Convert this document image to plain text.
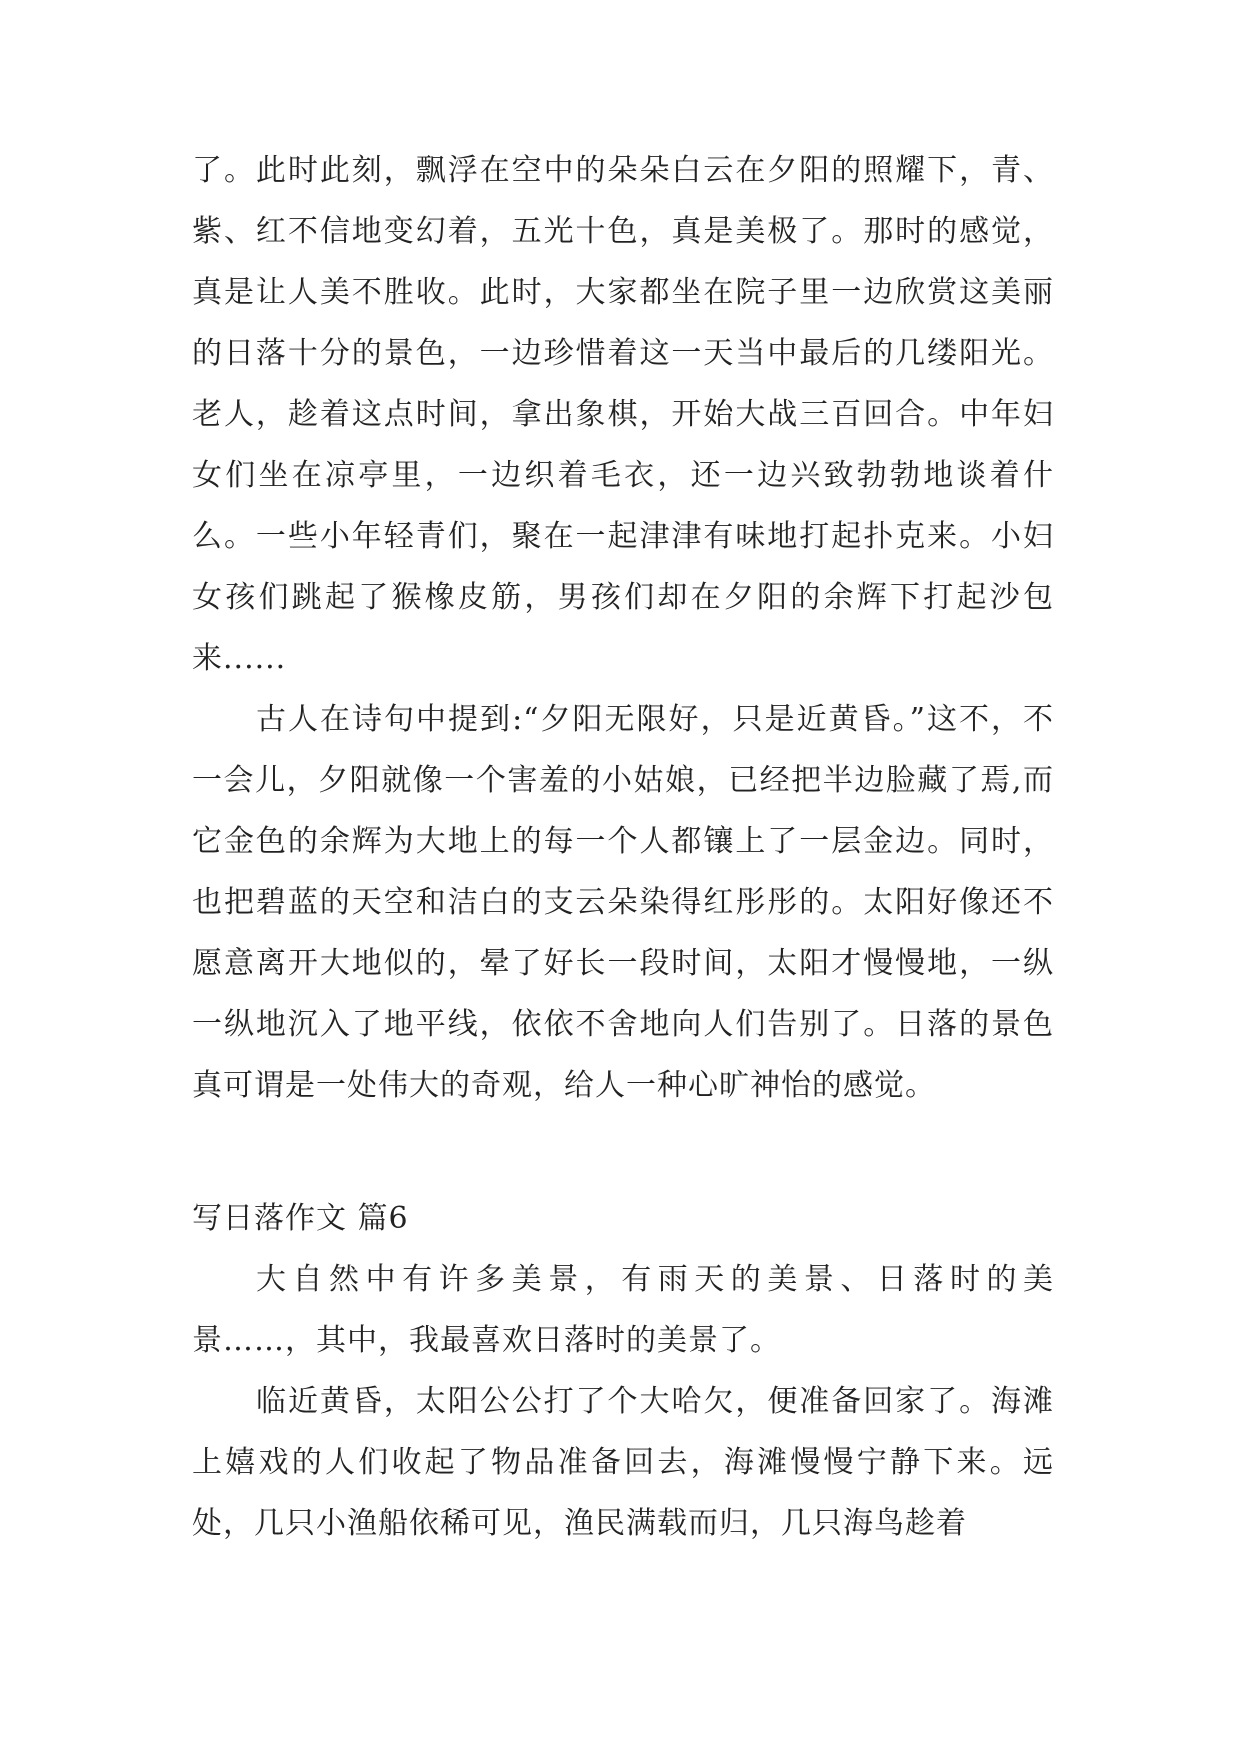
了。此时此刻，飘浮在空中的朵朵白云在夕阳的照耀下，青、紫、红不信地变幻着，五光十色，真是美极了。那时的感觉，真是让人美不胜收。此时，大家都坐在院子里一边欣赏这美丽的日落十分的景色，一边珍惜着这一天当中最后的几缕阳光。老人，趁着这点时间，拿出象棋，开始大战三百回合。中年妇女们坐在凉亭里，一边织着毛衣，还一边兴致勃勃地谈着什么。一些小年轻青们，聚在一起津津有味地打起扑克来。小妇女孩们跳起了猴橡皮筋，男孩们却在夕阳的余辉下打起沙包来......

古人在诗句中提到:“夕阳无限好，只是近黄昏。”这不，不一会儿，夕阳就像一个害羞的小姑娘，已经把半边脸藏了焉,而它金色的余辉为大地上的每一个人都镶上了一层金边。同时，也把碧蓝的天空和洁白的支云朵染得红彤彤的。太阳好像还不愿意离开大地似的，晕了好长一段时间，太阳才慢慢地，一纵一纵地沉入了地平线，依依不舍地向人们告别了。日落的景色真可谓是一处伟大的奇观，给人一种心旷神怡的感觉。

写日落作文 篇6

大自然中有许多美景，有雨天的美景、日落时的美景……，其中，我最喜欢日落时的美景了。

临近黄昏，太阳公公打了个大哈欠，便准备回家了。海滩上嬉戏的人们收起了物品准备回去，海滩慢慢宁静下来。远处，几只小渔船依稀可见，渔民满载而归，几只海鸟趁着
